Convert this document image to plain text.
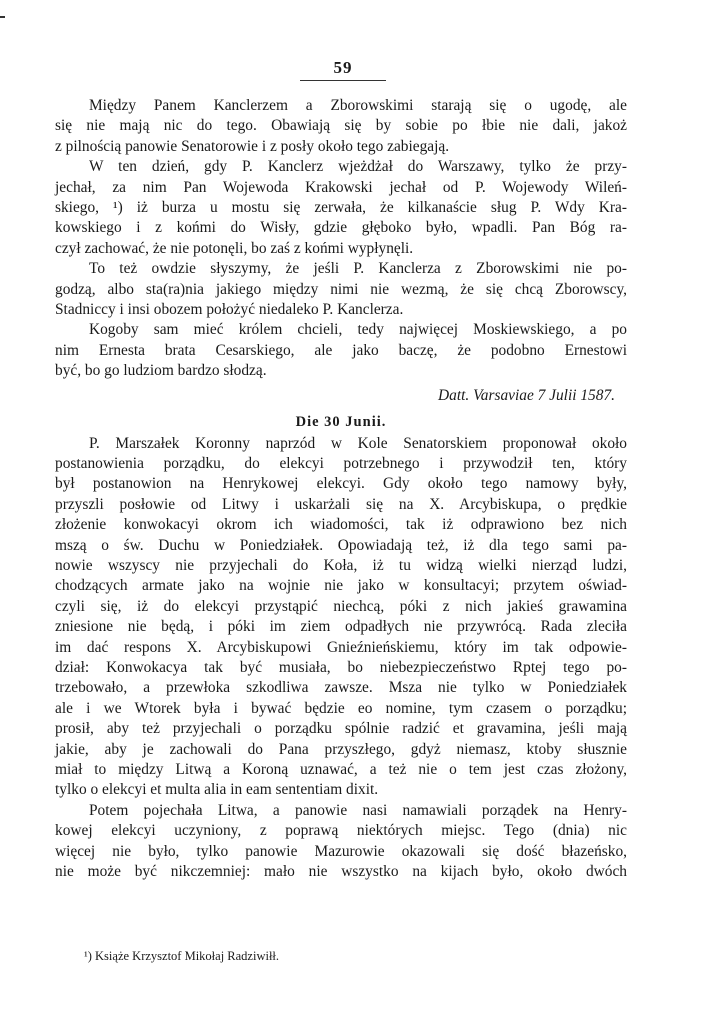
59
Między Panem Kanclerzem a Zborowskimi starają się o ugodę, ale
się nie mają nic do tego. Obawiają się by sobie po łbie nie dali, jakoż
z pilnością panowie Senatorowie i z posły około tego zabiegają.
W ten dzień, gdy P. Kanclerz wjeżdżał do Warszawy, tylko że przy-
jechał, za nim Pan Wojewoda Krakowski jechał od P. Wojewody Wileń-
skiego, ¹) iż burza u mostu się zerwała, że kilkanaście sług P. Wdy Kra-
kowskiego i z końmi do Wisły, gdzie głęboko było, wpadli. Pan Bóg ra-
czył zachować, że nie potonęli, bo zaś z końmi wypłynęli.
To też owdzie słyszymy, że jeśli P. Kanclerza z Zborowskimi nie po-
godzą, albo sta(ra)nia jakiego między nimi nie wezmą, że się chcą Zborowscy,
Stadniccy i insi obozem położyć niedaleko P. Kanclerza.
Kogoby sam mieć królem chcieli, tedy najwięcej Moskiewskiego, a po
nim Ernesta brata Cesarskiego, ale jako baczę, że podobno Ernestowi
być, bo go ludziom bardzo słodzą.
Datt. Varsaviae 7 Julii 1587.
Die 30 Junii.
P. Marszałek Koronny naprzód w Kole Senatorskiem proponował około
postanowienia porządku, do elekcyi potrzebnego i przywodził ten, który
był postanowion na Henrykowej elekcyi. Gdy około tego namowy były,
przyszli posłowie od Litwy i uskarżali się na X. Arcybiskupa, o prędkie
złożenie konwokacyi okrom ich wiadomości, tak iż odprawiono bez nich
mszą o św. Duchu w Poniedziałek. Opowiadają też, iż dla tego sami pa-
nowie wszyscy nie przyjechali do Koła, iż tu widzą wielki nierząd ludzi,
chodzących armate jako na wojnie nie jako w konsultacyi; przytem oświad-
czyli się, iż do elekcyi przystąpić niechcą, póki z nich jakieś grawamina
zniesione nie będą, i póki im ziem odpadłych nie przywrócą. Rada zleciła
im dać respons X. Arcybiskupowi Gnieźnieńskiemu, który im tak odpowie-
dział: Konwokacya tak być musiała, bo niebezpieczeństwo Rptej tego po-
trzebowało, a przewłoka szkodliwa zawsze. Msza nie tylko w Poniedziałek
ale i we Wtorek była i bywać będzie eo nomine, tym czasem o porządku;
prosił, aby też przyjechali o porządku spólnie radzić et gravamina, jeśli mają
jakie, aby je zachowali do Pana przyszłego, gdyż niemasz, ktoby słusznie
miał to między Litwą a Koroną uznawać, a też nie o tem jest czas złożony,
tylko o elekcyi et multa alia in eam sententiam dixit.
Potem pojechała Litwa, a panowie nasi namawiali porządek na Henry-
kowej elekcyi uczyniony, z poprawą niektórych miejsc. Tego (dnia) nic
więcej nie było, tylko panowie Mazurowie okazowali się dość błazeńsko,
nie może być nikczemniej: mało nie wszystko na kijach było, około dwóch
¹) Książe Krzysztof Mikołaj Radziwiłł.
